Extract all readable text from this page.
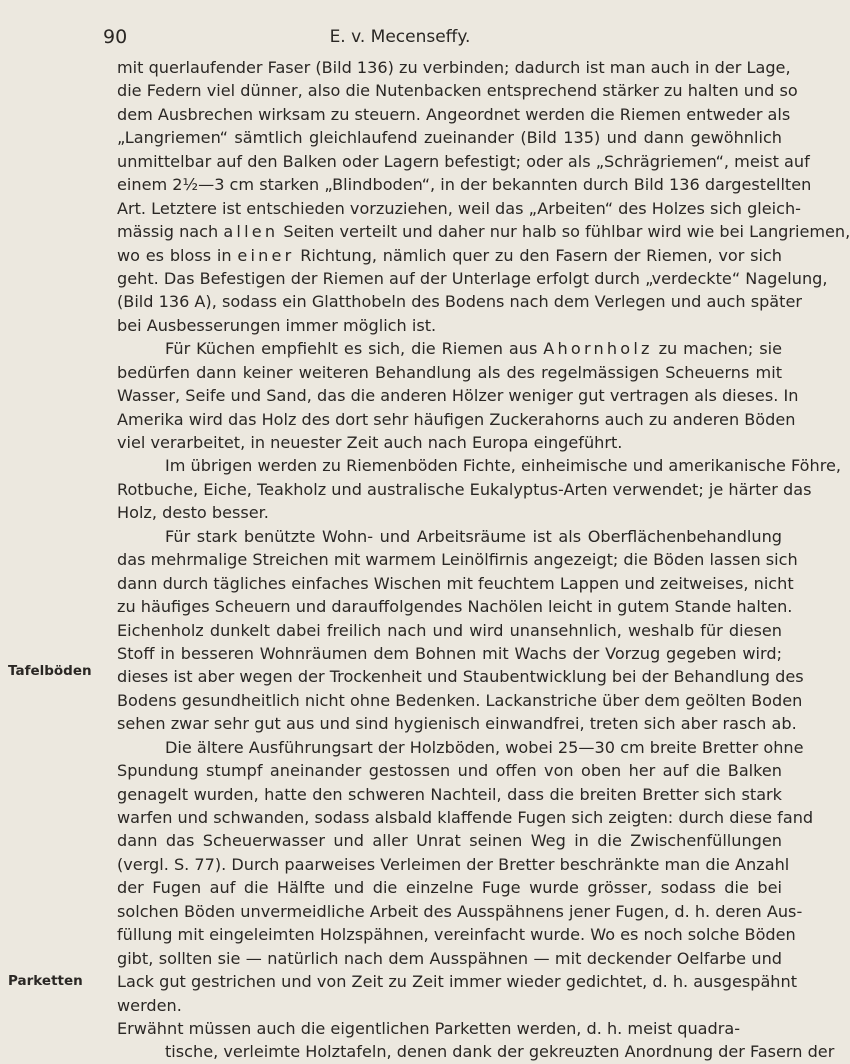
90	E. v. Mecenseffy.
Tafelböden
Parketten
mit querlaufender Faser (Bild 136) zu verbinden; dadurch ist man auch in der Lage,
die Federn viel dünner, also die Nutenbacken entsprechend stärker zu halten und so
dem Ausbrechen wirksam zu steuern. Angeordnet werden die Riemen entweder als
„Langriemen“ sämtlich gleichlaufend zueinander (Bild 135) und dann gewöhnlich
unmittelbar auf den Balken oder Lagern befestigt; oder als „Schrägriemen“, meist auf
einem 2½—3 cm starken „Blindboden“, in der bekannten durch Bild 136 dargestellten
Art. Letztere ist entschieden vorzuziehen, weil das „Arbeiten“ des Holzes sich gleich-
mässig nach allen Seiten verteilt und daher nur halb so fühlbar wird wie bei Langriemen,
wo es bloss in einer Richtung, nämlich quer zu den Fasern der Riemen, vor sich
geht. Das Befestigen der Riemen auf der Unterlage erfolgt durch „verdeckte“ Nagelung,
(Bild 136 A), sodass ein Glatthobeln des Bodens nach dem Verlegen und auch später
bei Ausbesserungen immer möglich ist.
Für Küchen empfiehlt es sich, die Riemen aus Ahornholz zu machen; sie
bedürfen dann keiner weiteren Behandlung als des regelmässigen Scheuerns mit
Wasser, Seife und Sand, das die anderen Hölzer weniger gut vertragen als dieses. In
Amerika wird das Holz des dort sehr häufigen Zuckerahorns auch zu anderen Böden
viel verarbeitet, in neuester Zeit auch nach Europa eingeführt.
Im übrigen werden zu Riemenböden Fichte, einheimische und amerikanische Föhre,
Rotbuche, Eiche, Teakholz und australische Eukalyptus-Arten verwendet; je härter das
Holz, desto besser.
Für stark benützte Wohn- und Arbeitsräume ist als Oberflächenbehandlung
das mehrmalige Streichen mit warmem Leinölfirnis angezeigt; die Böden lassen sich
dann durch tägliches einfaches Wischen mit feuchtem Lappen und zeitweises, nicht
zu häufiges Scheuern und darauffolgendes Nachölen leicht in gutem Stande halten.
Eichenholz dunkelt dabei freilich nach und wird unansehnlich, weshalb für diesen
Stoff in besseren Wohnräumen dem Bohnen mit Wachs der Vorzug gegeben wird;
dieses ist aber wegen der Trockenheit und Staubentwicklung bei der Behandlung des
Bodens gesundheitlich nicht ohne Bedenken. Lackanstriche über dem geölten Boden
sehen zwar sehr gut aus und sind hygienisch einwandfrei, treten sich aber rasch ab.
Die ältere Ausführungsart der Holzböden, wobei 25—30 cm breite Bretter ohne
Spundung stumpf aneinander gestossen und offen von oben her auf die Balken
genagelt wurden, hatte den schweren Nachteil, dass die breiten Bretter sich stark
warfen und schwanden, sodass alsbald klaffende Fugen sich zeigten: durch diese fand
dann das Scheuerwasser und aller Unrat seinen Weg in die Zwischenfüllungen
(vergl. S. 77). Durch paarweises Verleimen der Bretter beschränkte man die Anzahl
der Fugen auf die Hälfte und die einzelne Fuge wurde grösser, sodass die bei
solchen Böden unvermeidliche Arbeit des Ausspähnens jener Fugen, d. h. deren Aus-
füllung mit eingeleimten Holzspähnen, vereinfacht wurde. Wo es noch solche Böden
gibt, sollten sie — natürlich nach dem Ausspähnen — mit deckender Oelfarbe und
Lack gut gestrichen und von Zeit zu Zeit immer wieder gedichtet, d. h. ausgespähnt
werden.
Erwähnt müssen auch die eigentlichen Parketten werden, d. h. meist quadra-
tische, verleimte Holztafeln, denen dank der gekreuzten Anordnung der Fasern der
